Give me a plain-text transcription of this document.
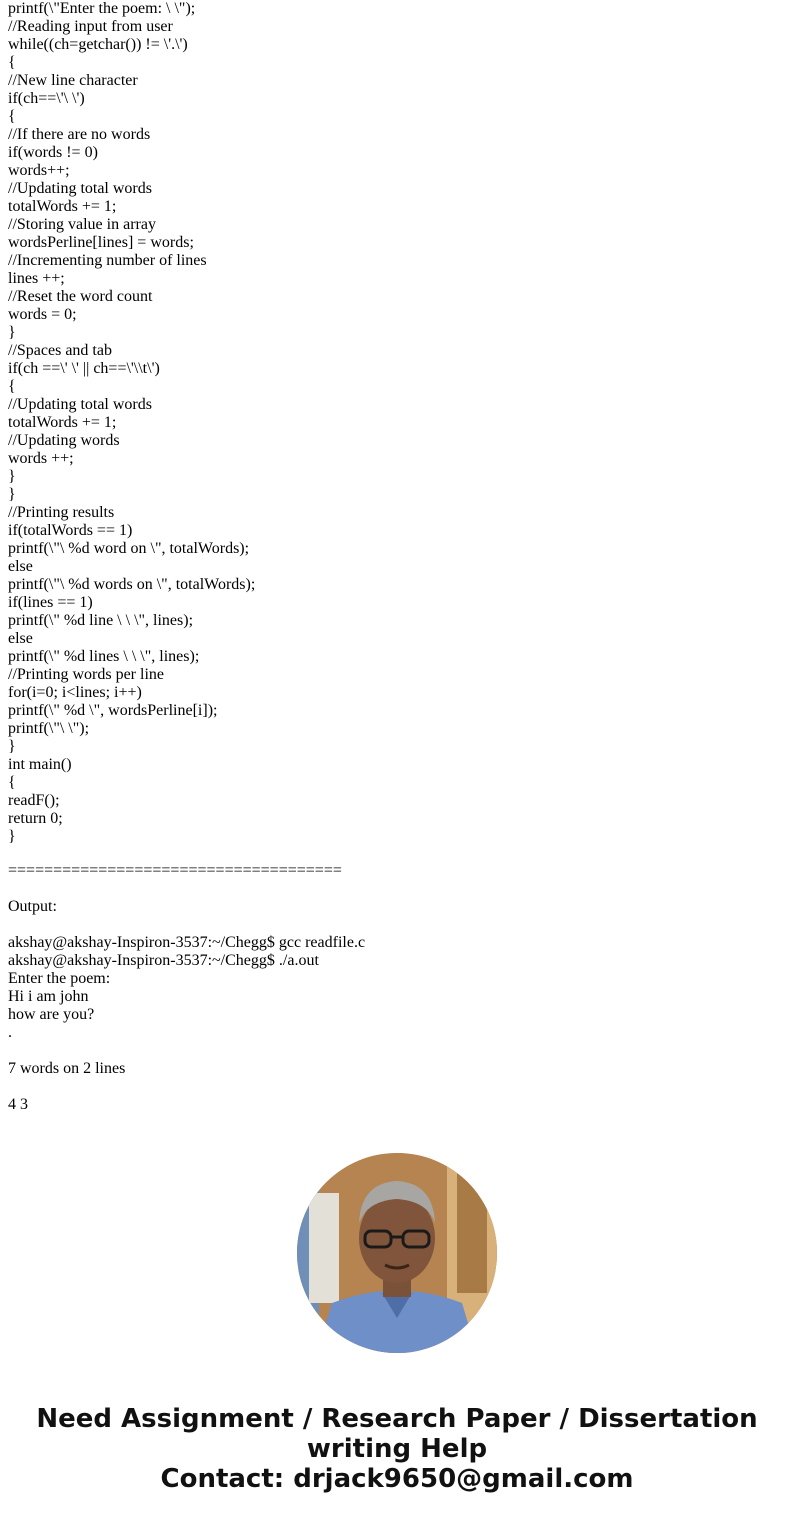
printf(\"Enter the poem: \ \");
//Reading input from user
while((ch=getchar()) != \'.\')
{
//New line character
if(ch==\'\ \')
{
//If there are no words
if(words != 0)
words++;
//Updating total words
totalWords += 1;
//Storing value in array
wordsPerline[lines] = words;
//Incrementing number of lines
lines ++;
//Reset the word count
words = 0;
}
//Spaces and tab
if(ch ==\' \' || ch==\'\\t\')
{
//Updating total words
totalWords += 1;
//Updating words
words ++;
}
}
//Printing results
if(totalWords == 1)
printf(\"\ %d word on \", totalWords);
else
printf(\"\ %d words on \", totalWords);
if(lines == 1)
printf(\" %d line \ \ \", lines);
else
printf(\" %d lines \ \ \", lines);
//Printing words per line
for(i=0; i<lines; i++)
printf(\" %d \", wordsPerline[i]);
printf(\"\ \");
}
int main()
{
readF();
return 0;
}
=====================================
Output:
akshay@akshay-Inspiron-3537:~/Chegg$ gcc readfile.c
akshay@akshay-Inspiron-3537:~/Chegg$ ./a.out
Enter the poem:
Hi i am john
how are you?
.
7 words on 2 lines
4 3
Need Assignment / Research Paper / Dissertation
writing Help
Contact: drjack9650@gmail.com
